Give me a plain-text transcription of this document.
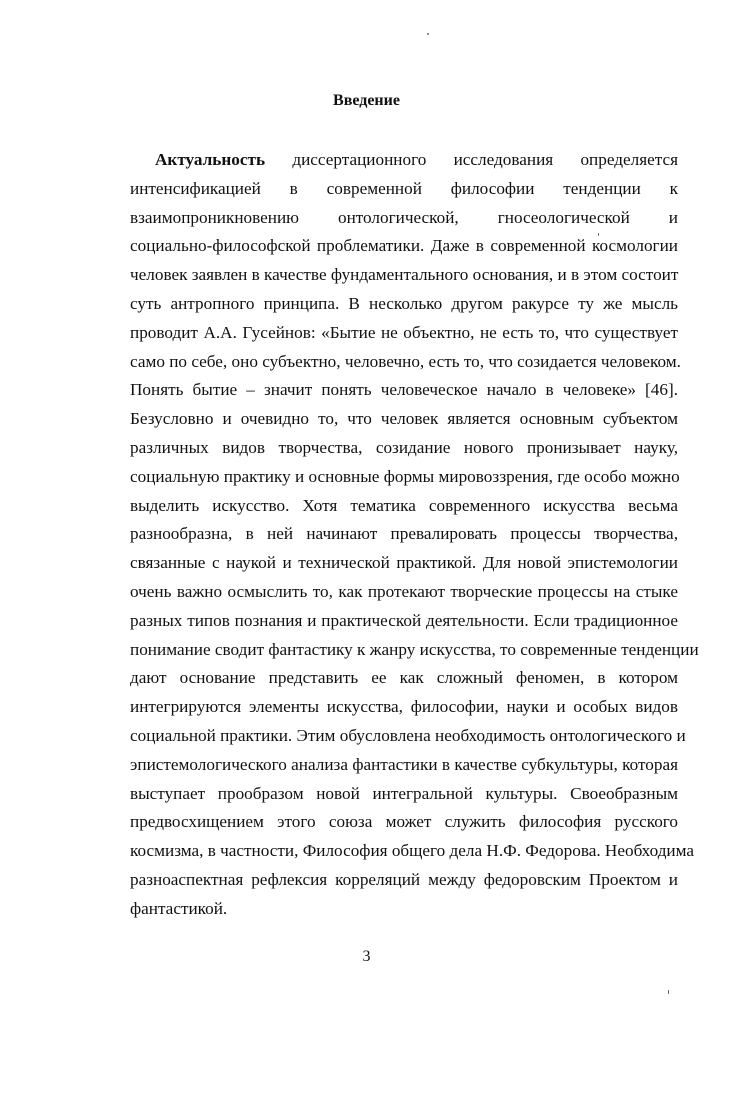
Введение
Актуальность диссертационного исследования определяется
интенсификацией в современной философии тенденции к
взаимопроникновению онтологической, гносеологической и
социально-философской проблематики. Даже в современной космологии
человек заявлен в качестве фундаментального основания, и в этом состоит
суть антропного принципа. В несколько другом ракурсе ту же мысль
проводит А.А. Гусейнов: «Бытие не объектно, не есть то, что существует
само по себе, оно субъектно, человечно, есть то, что созидается человеком.
Понять бытие – значит понять человеческое начало в человеке» [46].
Безусловно и очевидно то, что человек является основным субъектом
различных видов творчества, созидание нового пронизывает науку,
социальную практику и основные формы мировоззрения, где особо можно
выделить искусство. Хотя тематика современного искусства весьма
разнообразна, в ней начинают превалировать процессы творчества,
связанные с наукой и технической практикой. Для новой эпистемологии
очень важно осмыслить то, как протекают творческие процессы на стыке
разных типов познания и практической деятельности. Если традиционное
понимание сводит фантастику к жанру искусства, то современные тенденции
дают основание представить ее как сложный феномен, в котором
интегрируются элементы искусства, философии, науки и особых видов
социальной практики. Этим обусловлена необходимость онтологического и
эпистемологического анализа фантастики в качестве субкультуры, которая
выступает прообразом новой интегральной культуры. Своеобразным
предвосхищением этого союза может служить философия русского
космизма, в частности, Философия общего дела Н.Ф. Федорова. Необходима
разноаспектная рефлексия корреляций между федоровским Проектом и
фантастикой.
3
